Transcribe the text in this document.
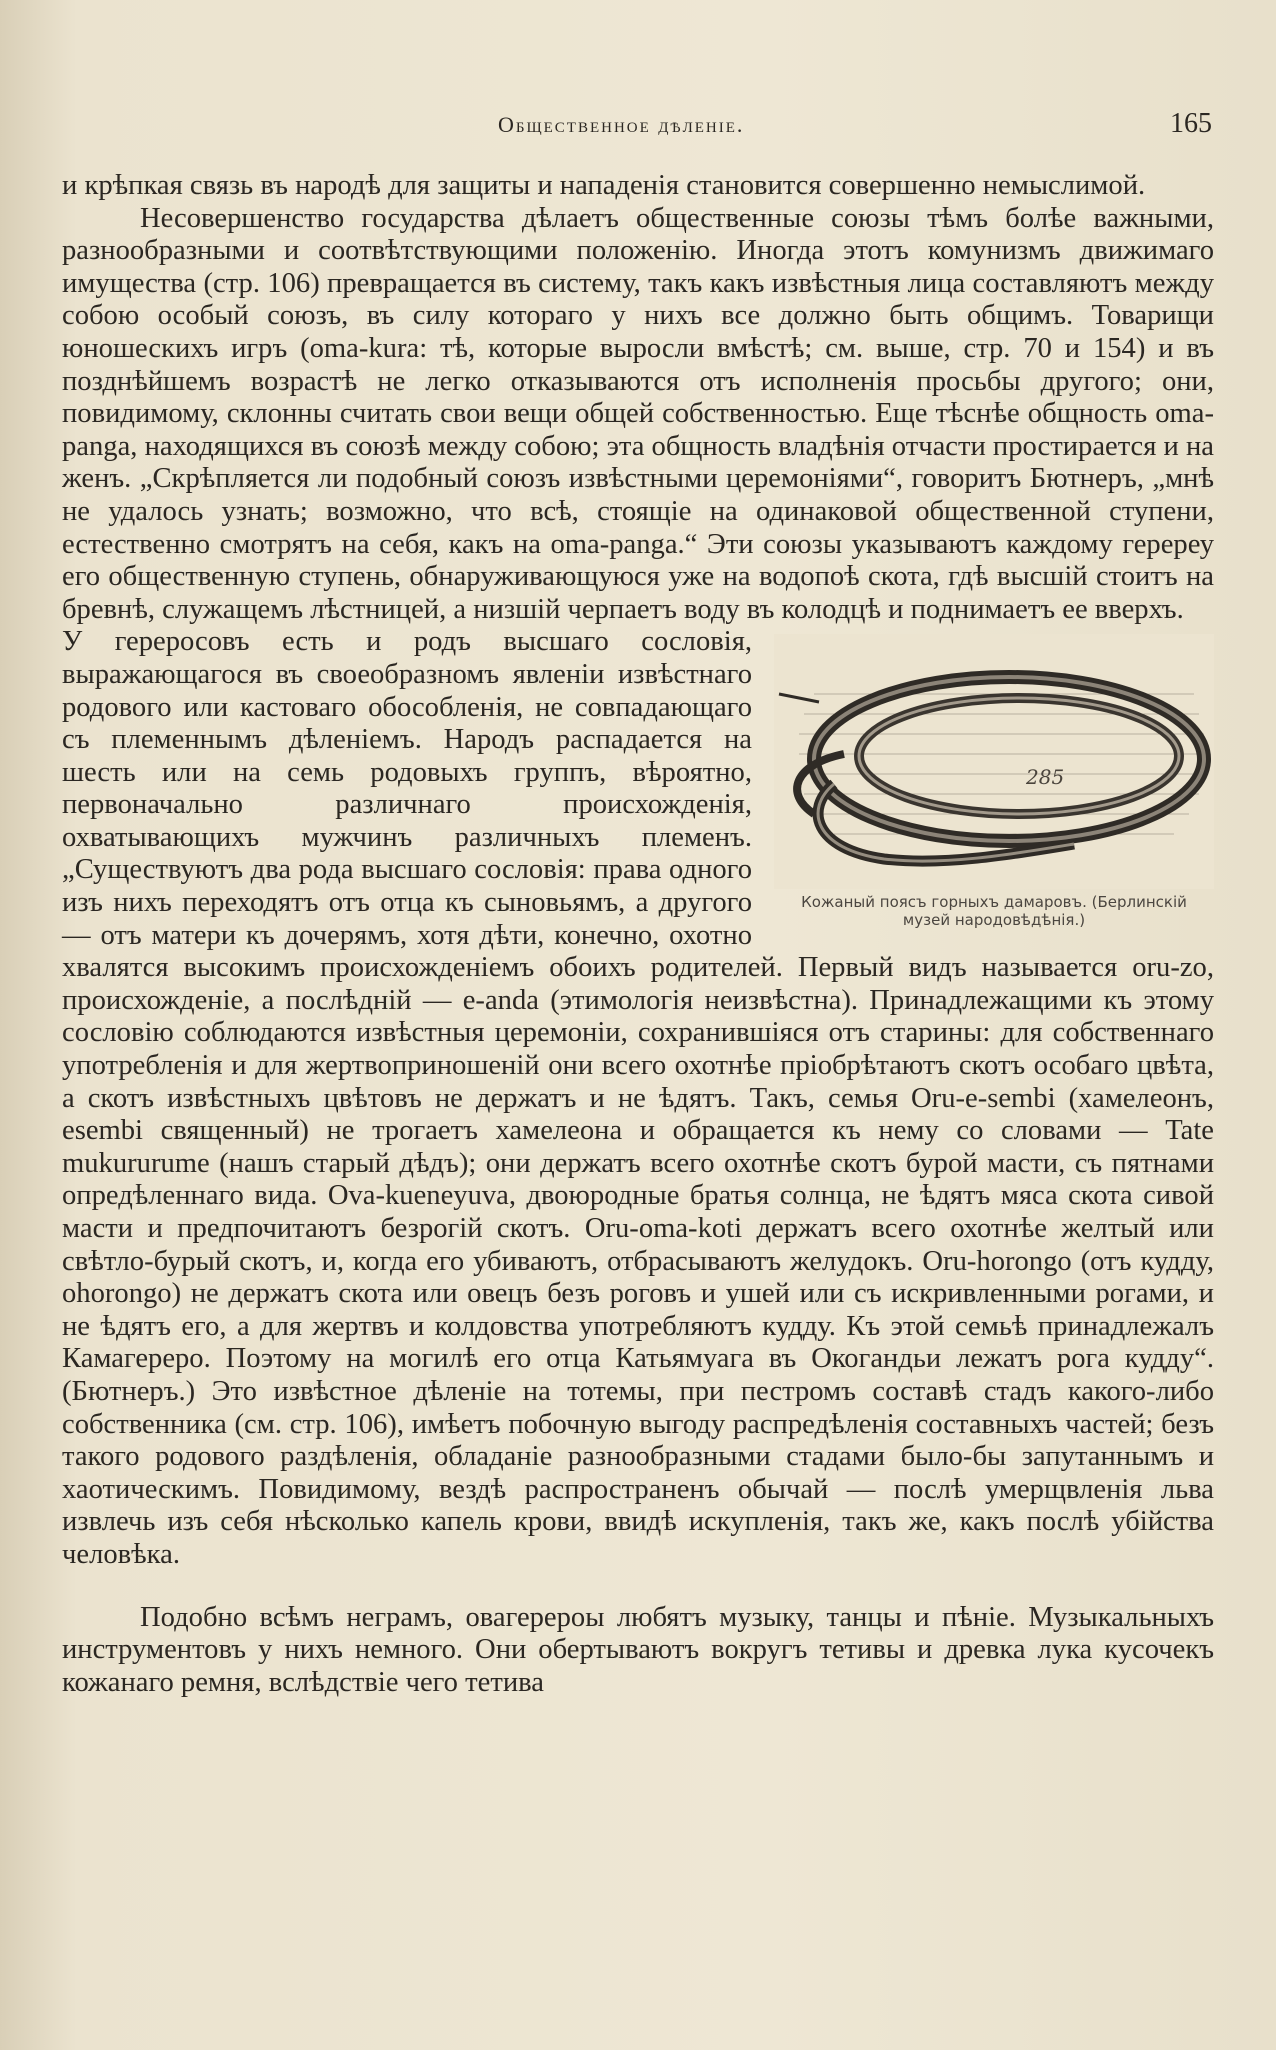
Общественное дѣленіе.	165

и крѣпкая связь въ народѣ для защиты и нападенія становится совершенно немыслимой.

Несовершенство государства дѣлаетъ общественные союзы тѣмъ болѣе важными, разнообразными и соотвѣтствующими положенію. Иногда этотъ комунизмъ движимаго имущества (стр. 106) превращается въ систему, такъ какъ извѣстныя лица составляютъ между собою особый союзъ, въ силу котораго у нихъ все должно быть общимъ. Товарищи юношескихъ игръ (oma-kura: тѣ, которые выросли вмѣстѣ; см. выше, стр. 70 и 154) и въ позднѣйшемъ возрастѣ не легко отказываются отъ исполненія просьбы другого; они, повидимому, склонны считать свои вещи общей собственностью. Еще тѣснѣе общность oma-panga, находящихся въ союзѣ между собою; эта общность владѣнія отчасти простирается и на женъ. „Скрѣпляется ли подобный союзъ извѣстными церемоніями“, говоритъ Бютнеръ, „мнѣ не удалось узнать; возможно, что всѣ, стоящіе на одинаковой общественной ступени, естественно смотрятъ на себя, какъ на oma-panga.“ Эти союзы указываютъ каждому геререу его общественную ступень, обнаруживающуюся уже на водопоѣ скота, гдѣ высшій стоитъ на бревнѣ, служащемъ лѣстницей, а низшій черпаетъ воду въ колодцѣ и поднимаетъ ее вверхъ.

285
Кожаный поясъ горныхъ дамаровъ. (Берлинскій музей народовѣдѣнія.)

У гереросовъ есть и родъ высшаго сословія, выражающагося въ своеобразномъ явленіи извѣстнаго родового или кастоваго обособленія, не совпадающаго съ племеннымъ дѣленіемъ. Народъ распадается на шесть или на семь родовыхъ группъ, вѣроятно, первоначально различнаго происхожденія, охватывающихъ мужчинъ различныхъ племенъ. „Существуютъ два рода высшаго сословія: права одного изъ нихъ переходятъ отъ отца къ сыновьямъ, а другого — отъ матери къ дочерямъ, хотя дѣти, конечно, охотно хвалятся высокимъ происхожденіемъ обоихъ родителей. Первый видъ называется oru-zo, происхожденіе, а послѣдній — e-anda (этимологія неизвѣстна). Принадлежащими къ этому сословію соблюдаются извѣстныя церемоніи, сохранившіяся отъ старины: для собственнаго употребленія и для жертвоприношеній они всего охотнѣе пріобрѣтаютъ скотъ особаго цвѣта, а скотъ извѣстныхъ цвѣтовъ не держатъ и не ѣдятъ. Такъ, семья Oru-e-sembi (хамелеонъ, esembi священный) не трогаетъ хамелеона и обращается къ нему со словами — Tate mukururume (нашъ старый дѣдъ); они держатъ всего охотнѣе скотъ бурой масти, съ пятнами опредѣленнаго вида. Ova-kueneyuva, двоюродные братья солнца, не ѣдятъ мяса скота сивой масти и предпочитаютъ безрогій скотъ. Oru-oma-koti держатъ всего охотнѣе желтый или свѣтло-бурый скотъ, и, когда его убиваютъ, отбрасываютъ желудокъ. Oru-horongo (отъ кудду, ohorongo) не держатъ скота или овецъ безъ роговъ и ушей или съ искривленными рогами, и не ѣдятъ его, а для жертвъ и колдовства употребляютъ кудду. Къ этой семьѣ принадлежалъ Камагереро. Поэтому на могилѣ его отца Катьямуага въ Окогандьи лежатъ рога кудду“. (Бютнеръ.) Это извѣстное дѣленіе на тотемы, при пестромъ составѣ стадъ какого-либо собственника (см. стр. 106), имѣетъ побочную выгоду распредѣленія составныхъ частей; безъ такого родового раздѣленія, обладаніе разнообразными стадами было-бы запутаннымъ и хаотическимъ. Повидимому, вездѣ распространенъ обычай — послѣ умерщвленія льва извлечь изъ себя нѣсколько капель крови, ввидѣ искупленія, такъ же, какъ послѣ убійства человѣка.

Подобно всѣмъ неграмъ, овагерероы любятъ музыку, танцы и пѣніе. Музыкальныхъ инструментовъ у нихъ немного. Они обертываютъ вокругъ тетивы и древка лука кусочекъ кожанаго ремня, вслѣдствіе чего тетива
